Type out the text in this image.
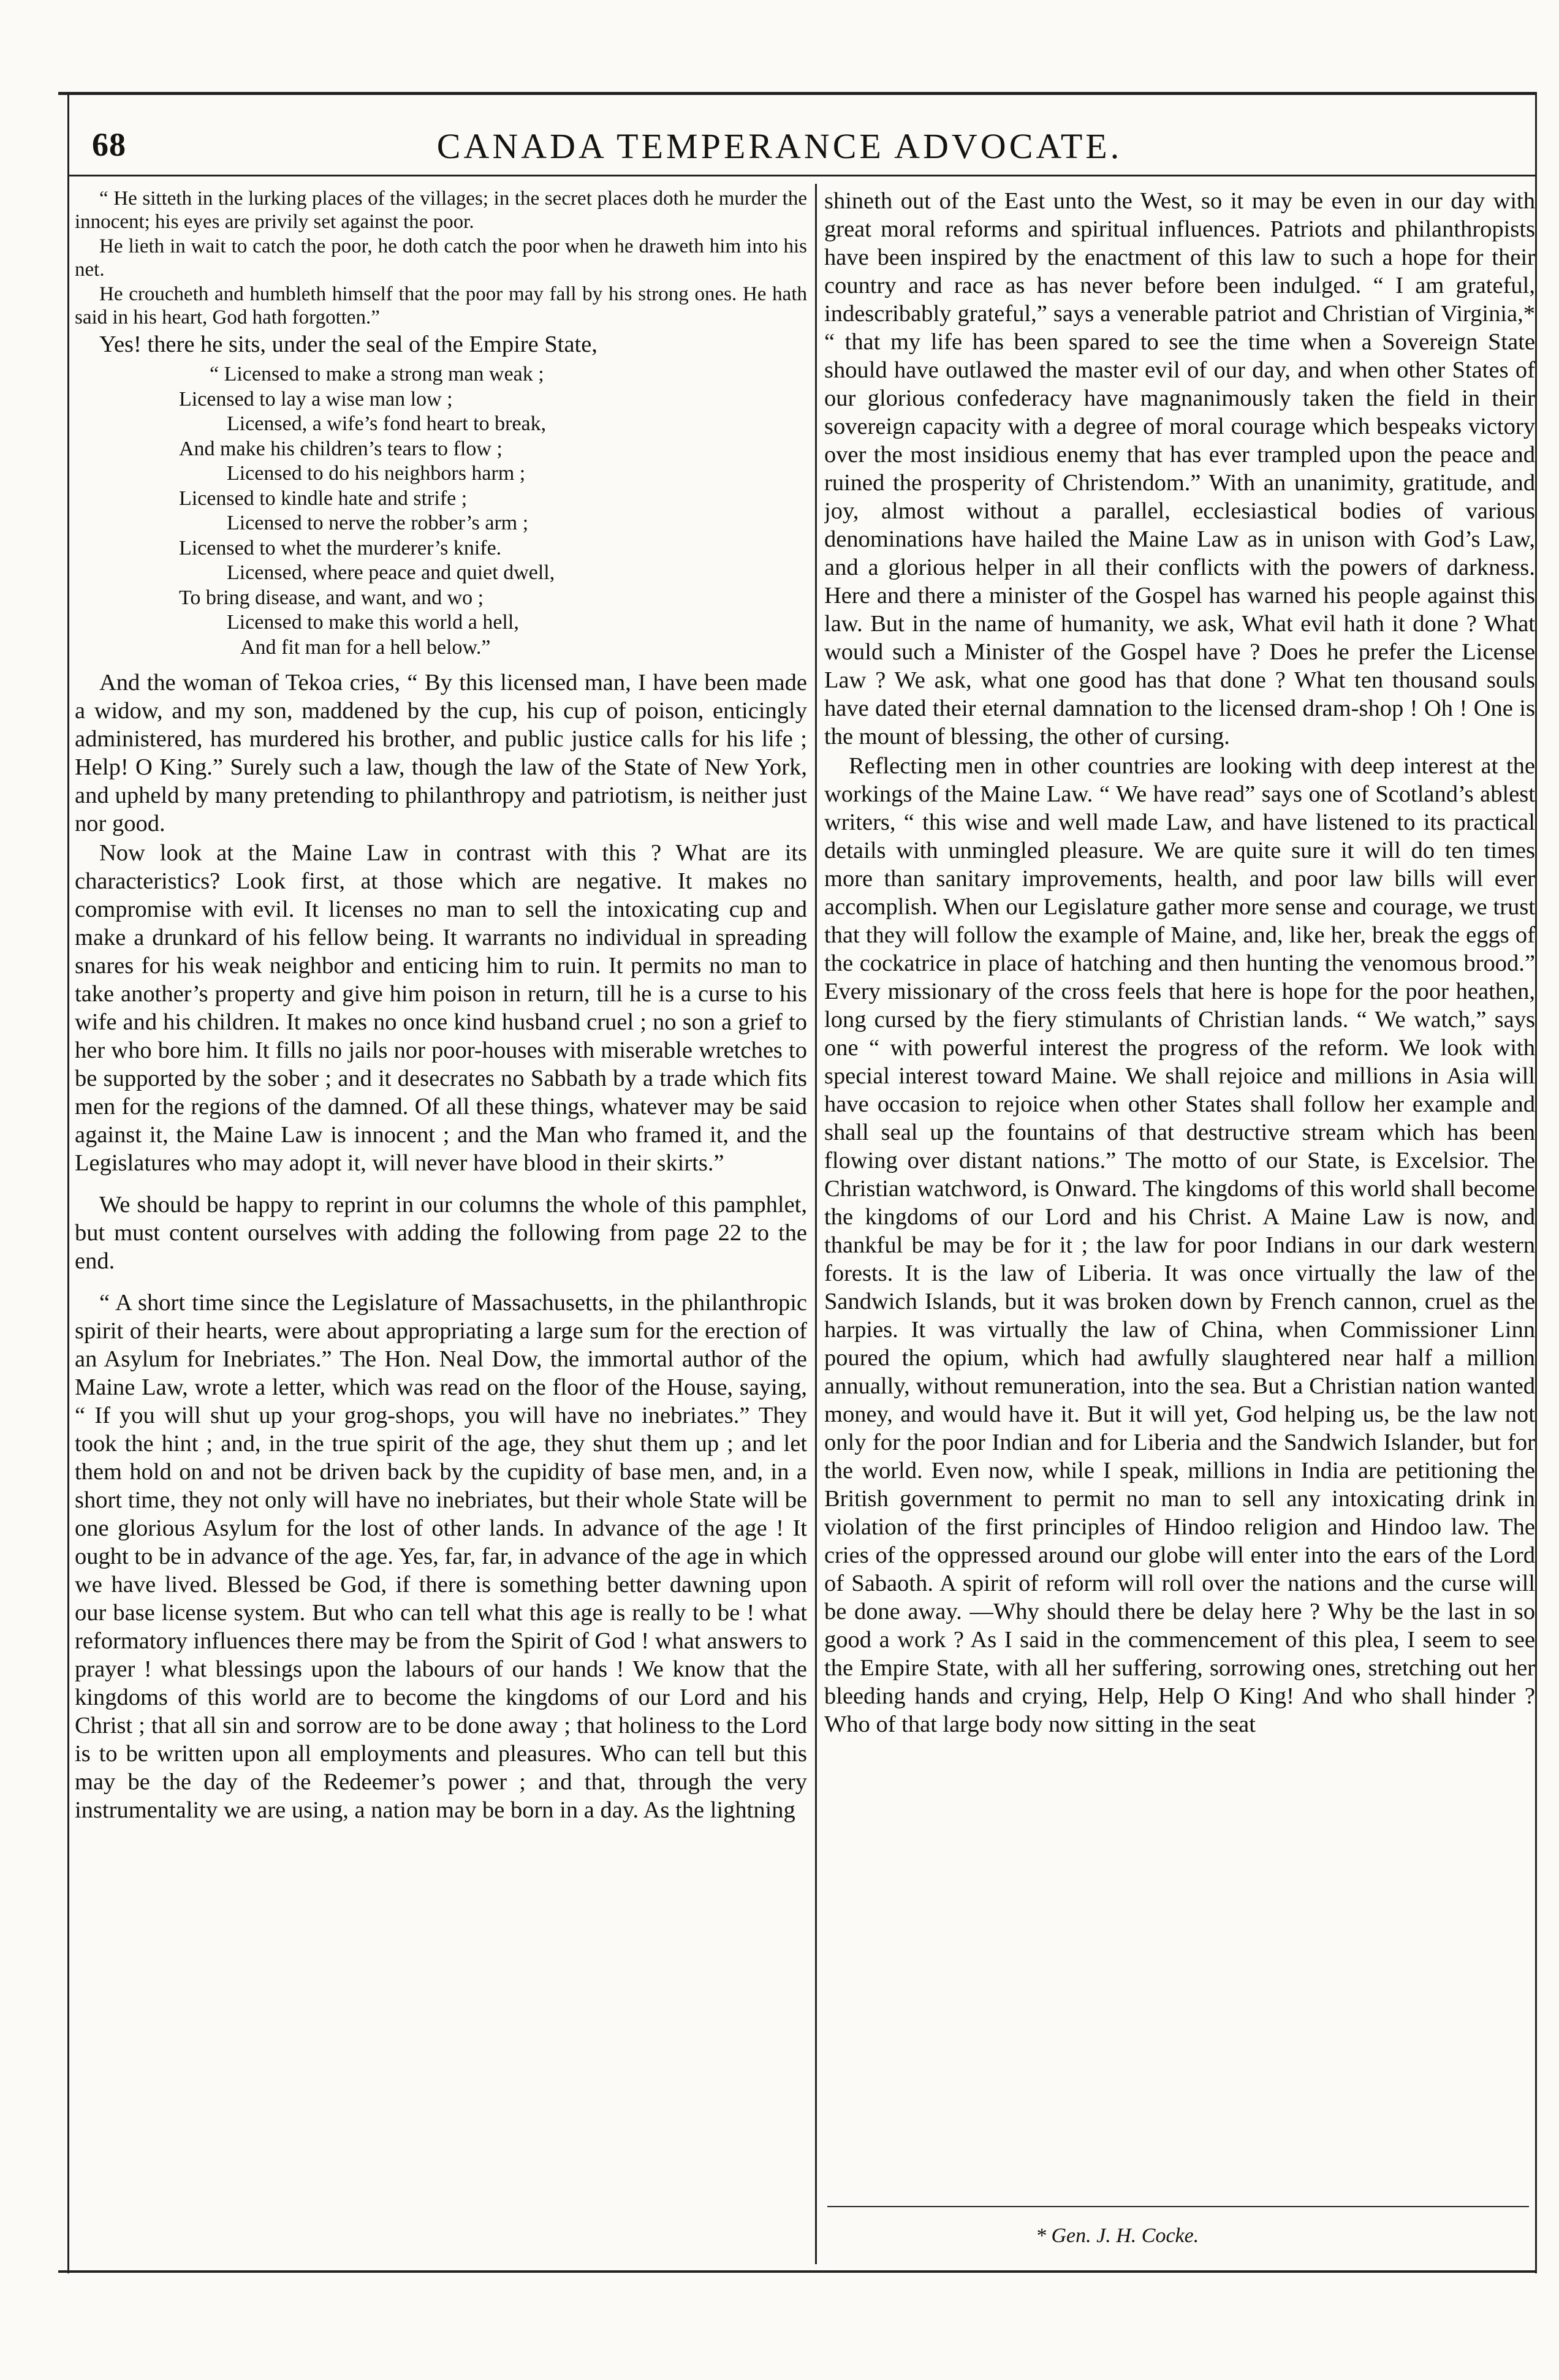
68	CANADA TEMPERANCE ADVOCATE.

“ He sitteth in the lurking places of the villages; in the secret places doth he murder the innocent; his eyes are privily set against the poor.

He lieth in wait to catch the poor, he doth catch the poor when he draweth him into his net.

He croucheth and humbleth himself that the poor may fall by his strong ones. He hath said in his heart, God hath forgotten.”

Yes! there he sits, under the seal of the Empire State,

“ Licensed to make a strong man weak ;
Licensed to lay a wise man low ;
Licensed, a wife’s fond heart to break,
And make his children’s tears to flow ;
Licensed to do his neighbors harm ;
Licensed to kindle hate and strife ;
Licensed to nerve the robber’s arm ;
Licensed to whet the murderer’s knife.
Licensed, where peace and quiet dwell,
To bring disease, and want, and wo ;
Licensed to make this world a hell,
And fit man for a hell below.”

And the woman of Tekoa cries, “ By this licensed man, I have been made a widow, and my son, maddened by the cup, his cup of poison, enticingly administered, has murdered his brother, and public justice calls for his life ; Help! O King.” Surely such a law, though the law of the State of New York, and upheld by many pretending to philanthropy and patriotism, is neither just nor good.

Now look at the Maine Law in contrast with this ? What are its characteristics? Look first, at those which are negative. It makes no compromise with evil. It licenses no man to sell the intoxicating cup and make a drunkard of his fellow being. It warrants no individual in spreading snares for his weak neighbor and enticing him to ruin. It permits no man to take another’s property and give him poison in return, till he is a curse to his wife and his children. It makes no once kind husband cruel ; no son a grief to her who bore him. It fills no jails nor poor-houses with miserable wretches to be supported by the sober ; and it desecrates no Sabbath by a trade which fits men for the regions of the damned. Of all these things, whatever may be said against it, the Maine Law is innocent ; and the Man who framed it, and the Legislatures who may adopt it, will never have blood in their skirts.”

We should be happy to reprint in our columns the whole of this pamphlet, but must content ourselves with adding the following from page 22 to the end.

“ A short time since the Legislature of Massachusetts, in the philanthropic spirit of their hearts, were about appropriating a large sum for the erection of an Asylum for Inebriates.” The Hon. Neal Dow, the immortal author of the Maine Law, wrote a letter, which was read on the floor of the House, saying, “ If you will shut up your grog-shops, you will have no inebriates.” They took the hint ; and, in the true spirit of the age, they shut them up ; and let them hold on and not be driven back by the cupidity of base men, and, in a short time, they not only will have no inebriates, but their whole State will be one glorious Asylum for the lost of other lands. In advance of the age ! It ought to be in advance of the age. Yes, far, far, in advance of the age in which we have lived. Blessed be God, if there is something better dawning upon our base license system. But who can tell what this age is really to be ! what reformatory influences there may be from the Spirit of God ! what answers to prayer ! what blessings upon the labours of our hands ! We know that the kingdoms of this world are to become the kingdoms of our Lord and his Christ ; that all sin and sorrow are to be done away ; that holiness to the Lord is to be written upon all employments and pleasures. Who can tell but this may be the day of the Redeemer’s power ; and that, through the very instrumentality we are using, a nation may be born in a day. As the lightning

shineth out of the East unto the West, so it may be even in our day with great moral reforms and spiritual influences. Patriots and philanthropists have been inspired by the enactment of this law to such a hope for their country and race as has never before been indulged. “ I am grateful, indescribably grateful,” says a venerable patriot and Christian of Virginia,* “ that my life has been spared to see the time when a Sovereign State should have outlawed the master evil of our day, and when other States of our glorious confederacy have magnanimously taken the field in their sovereign capacity with a degree of moral courage which bespeaks victory over the most insidious enemy that has ever trampled upon the peace and ruined the prosperity of Christendom.” With an unanimity, gratitude, and joy, almost without a parallel, ecclesiastical bodies of various denominations have hailed the Maine Law as in unison with God’s Law, and a glorious helper in all their conflicts with the powers of darkness. Here and there a minister of the Gospel has warned his people against this law. But in the name of humanity, we ask, What evil hath it done ? What would such a Minister of the Gospel have ? Does he prefer the License Law ? We ask, what one good has that done ? What ten thousand souls have dated their eternal damnation to the licensed dram-shop ! Oh ! One is the mount of blessing, the other of cursing.

Reflecting men in other countries are looking with deep interest at the workings of the Maine Law. “ We have read” says one of Scotland’s ablest writers, “ this wise and well made Law, and have listened to its practical details with unmingled pleasure. We are quite sure it will do ten times more than sanitary improvements, health, and poor law bills will ever accomplish. When our Legislature gather more sense and courage, we trust that they will follow the example of Maine, and, like her, break the eggs of the cockatrice in place of hatching and then hunting the venomous brood.” Every missionary of the cross feels that here is hope for the poor heathen, long cursed by the fiery stimulants of Christian lands. “ We watch,” says one “ with powerful interest the progress of the reform. We look with special interest toward Maine. We shall rejoice and millions in Asia will have occasion to rejoice when other States shall follow her example and shall seal up the fountains of that destructive stream which has been flowing over distant nations.” The motto of our State, is Excelsior. The Christian watchword, is Onward. The kingdoms of this world shall become the kingdoms of our Lord and his Christ. A Maine Law is now, and thankful be may be for it ; the law for poor Indians in our dark western forests. It is the law of Liberia. It was once virtually the law of the Sandwich Islands, but it was broken down by French cannon, cruel as the harpies. It was virtually the law of China, when Commissioner Linn poured the opium, which had awfully slaughtered near half a million annually, without remuneration, into the sea. But a Christian nation wanted money, and would have it. But it will yet, God helping us, be the law not only for the poor Indian and for Liberia and the Sandwich Islander, but for the world. Even now, while I speak, millions in India are petitioning the British government to permit no man to sell any intoxicating drink in violation of the first principles of Hindoo religion and Hindoo law. The cries of the oppressed around our globe will enter into the ears of the Lord of Sabaoth. A spirit of reform will roll over the nations and the curse will be done away. —Why should there be delay here ? Why be the last in so good a work ? As I said in the commencement of this plea, I seem to see the Empire State, with all her suffering, sorrowing ones, stretching out her bleeding hands and crying, Help, Help O King! And who shall hinder ? Who of that large body now sitting in the seat

* Gen. J. H. Cocke.
